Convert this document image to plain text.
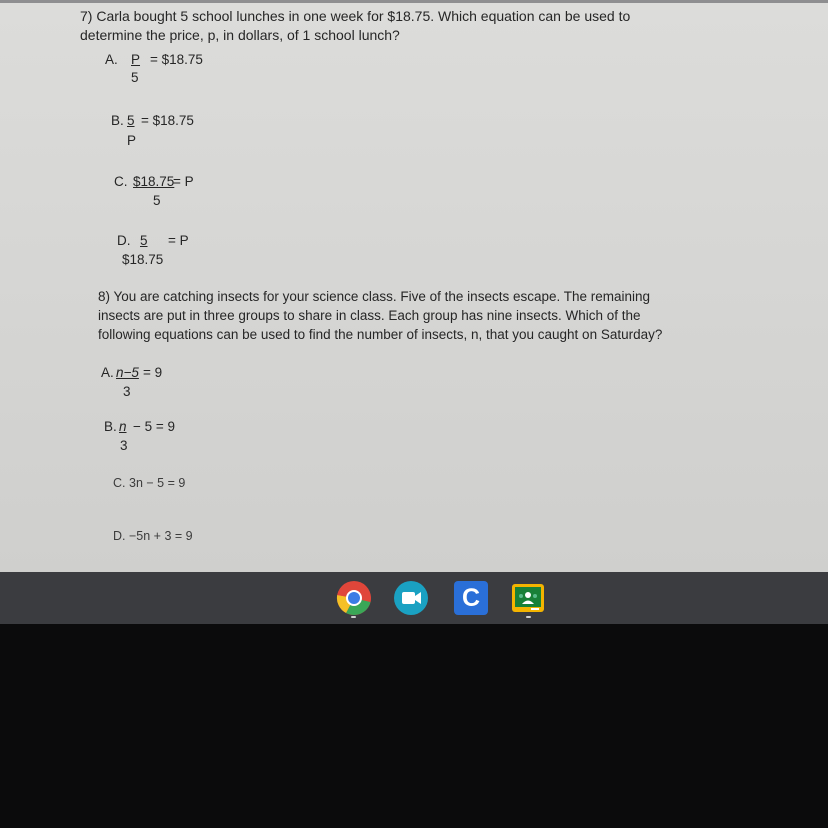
7) Carla bought 5 school lunches in one week for $18.75. Which equation can be used to
determine the price, p, in dollars, of 1 school lunch?
A. P = $18.75
5
B. 5 = $18.75
P
C. $18.75
= P
5
D. 5	= P
$18.75
8) You are catching insects for your science class. Five of the insects escape. The remaining
insects are put in three groups to share in class. Each group has nine insects. Which of the
following equations can be used to find the number of insects, n, that you caught on Saturday?
A. n−5 = 9
3
B. n − 5 = 9
3
C. 3n − 5 = 9
D. −5n + 3 = 9
C
